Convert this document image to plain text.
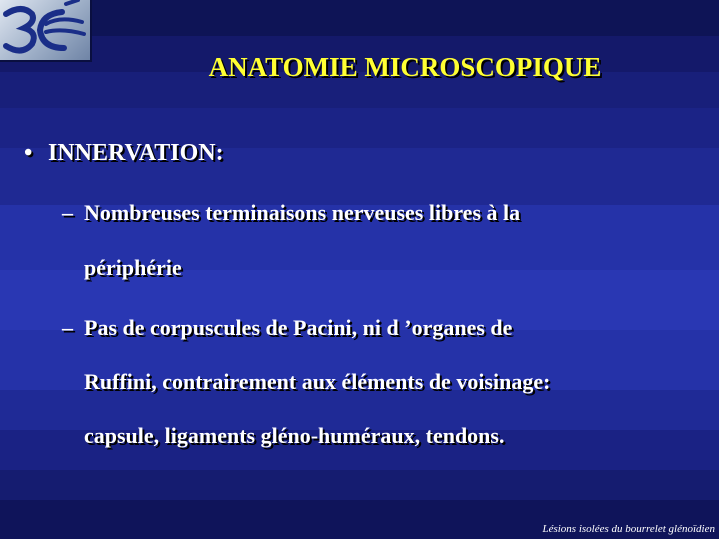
ANATOMIE MICROSCOPIQUE
• INNERVATION:
– Nombreuses terminaisons nerveuses libres à la
périphérie
– Pas de corpuscules de Pacini, ni d ’organes de
Ruffini, contrairement aux éléments de voisinage:
capsule, ligaments gléno-huméraux, tendons.
Lésions isolées du bourrelet glénoïdien
